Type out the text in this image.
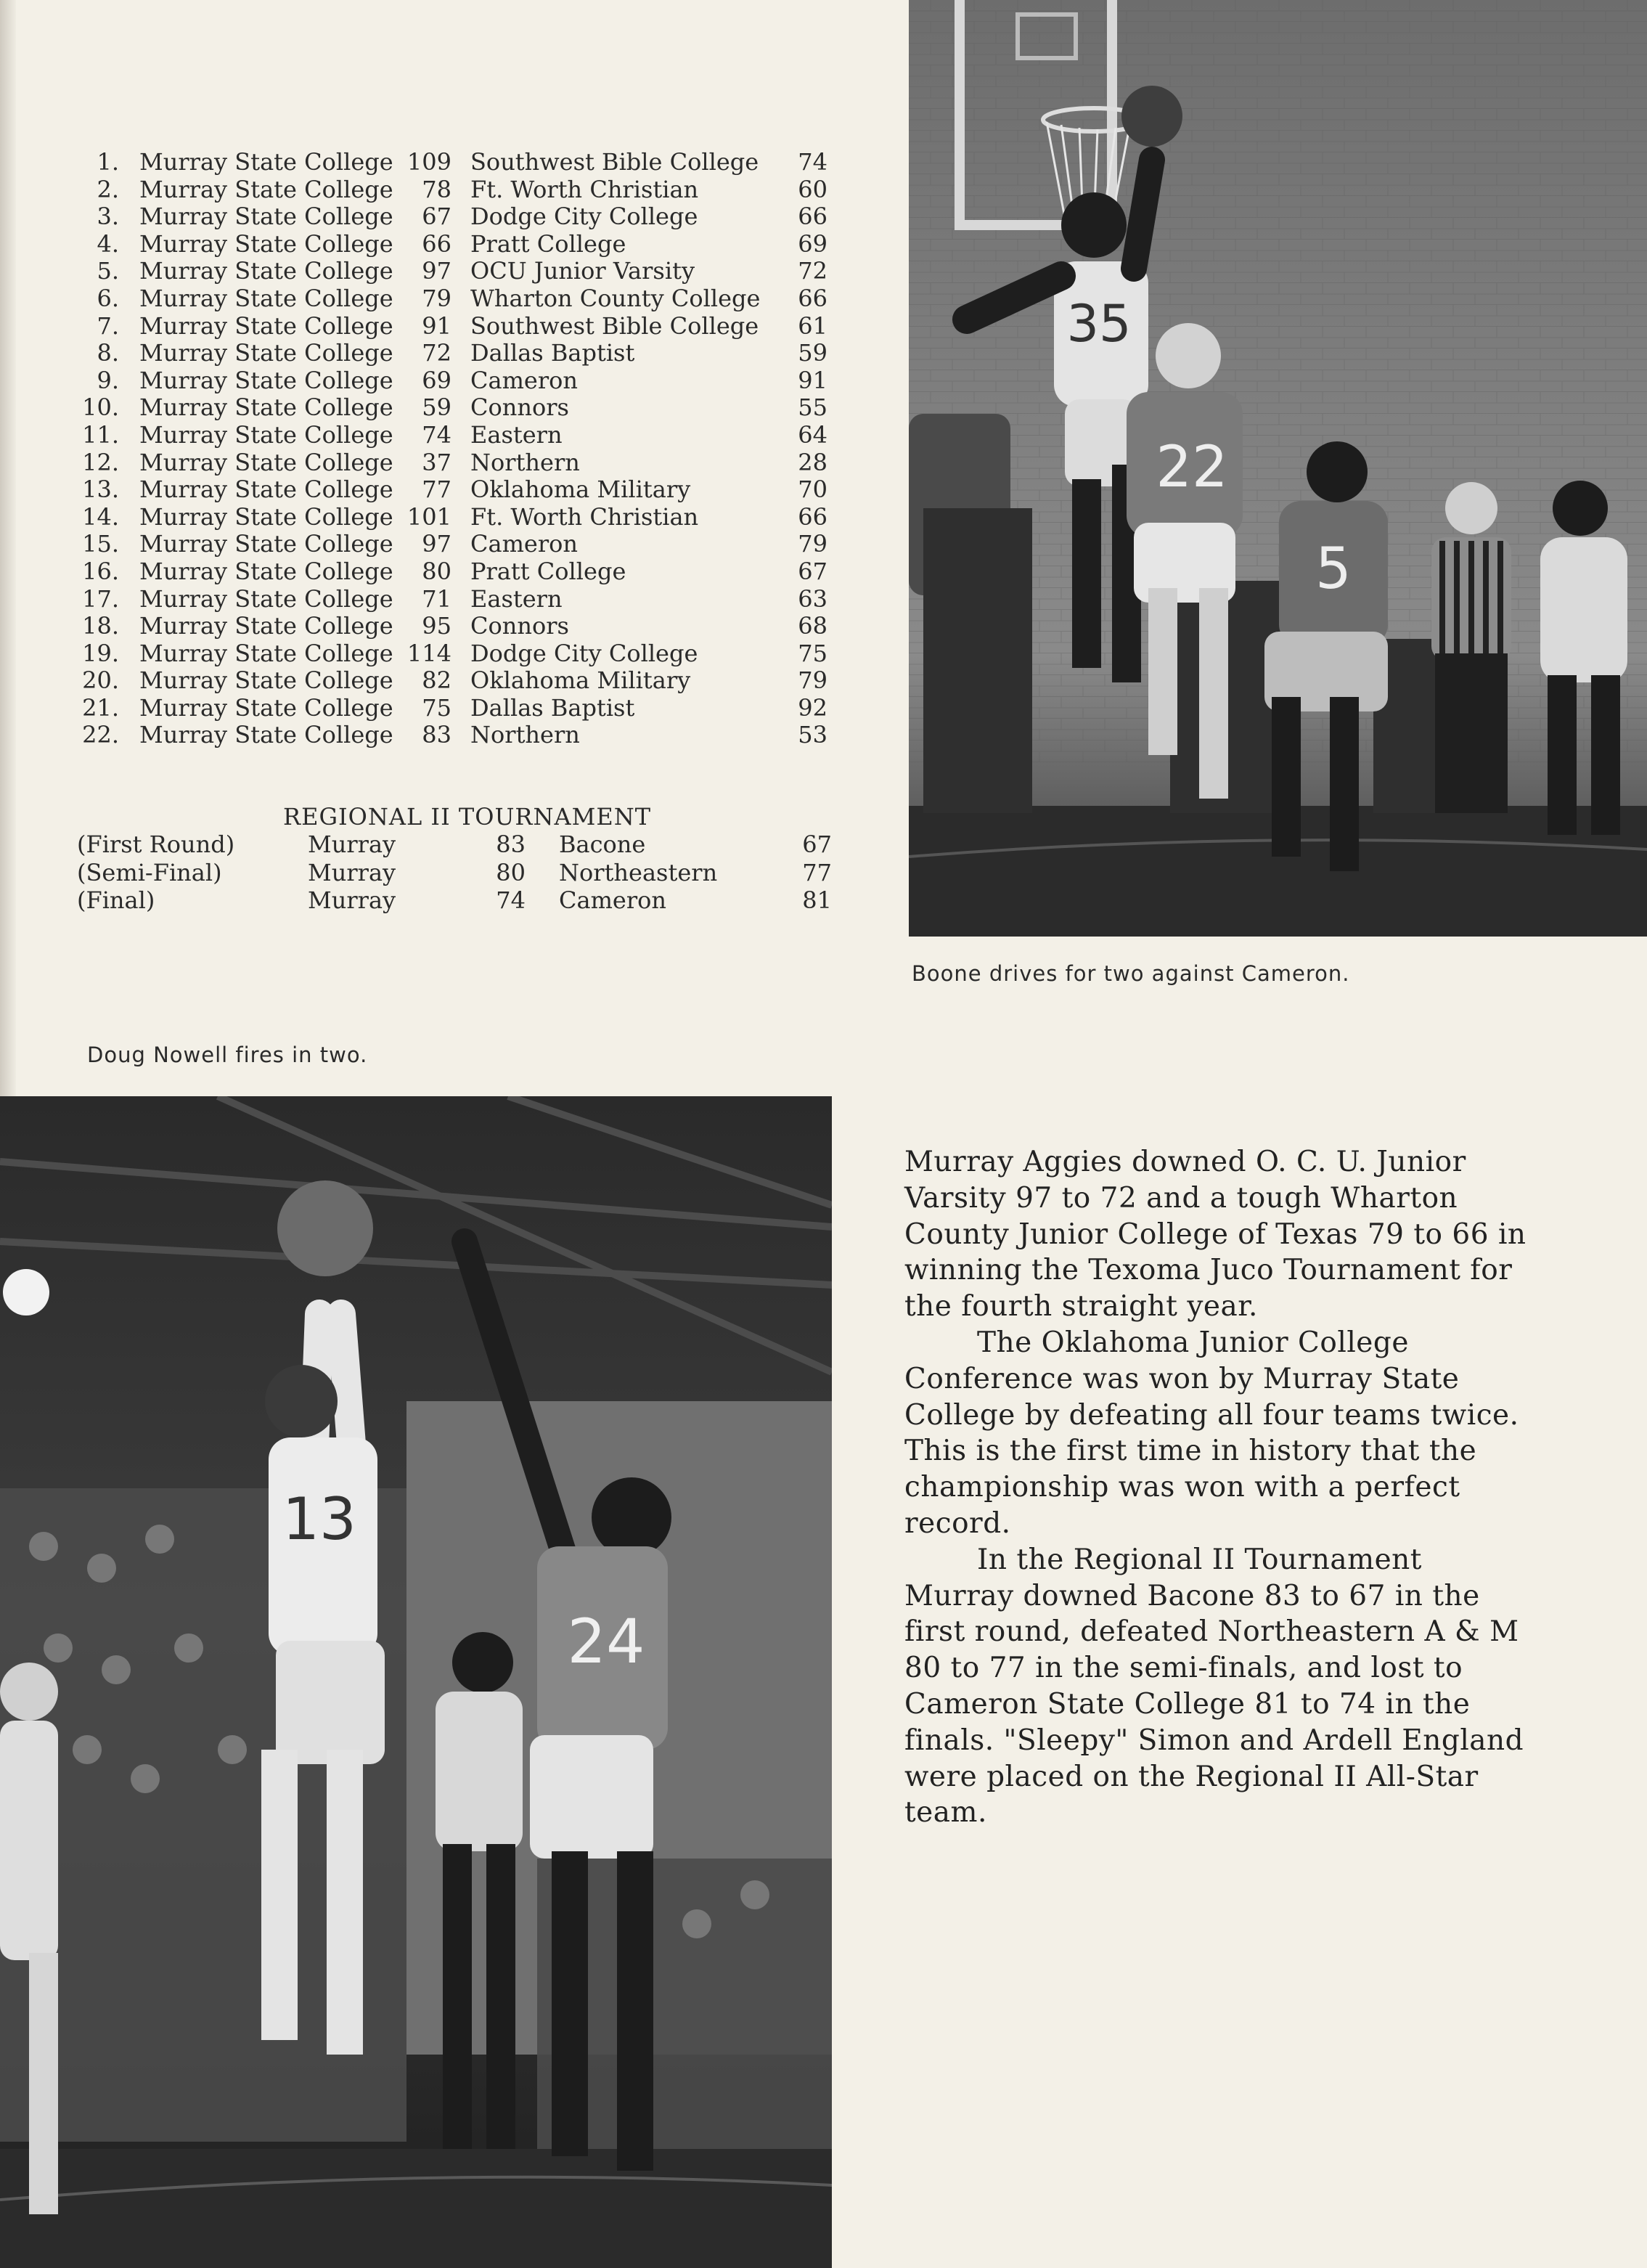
1. Murray State College 109 Southwest Bible College	74
2. Murray State College	78 Ft. Worth Christian	60
3. Murray State College	67 Dodge City College	66
4. Murray State College	66 Pratt College	69
5. Murray State College	97 OCU Junior Varsity	72
6. Murray State College	79 Wharton County College	66
7. Murray State College	91 Southwest Bible College	61
8. Murray State College	72 Dallas Baptist	59
9. Murray State College	69 Cameron	91
10. Murray State College	59 Connors	55
11. Murray State College	74 Eastern	64
12. Murray State College	37 Northern	28
13. Murray State College	77 Oklahoma Military	70
14. Murray State College 101 Ft. Worth Christian	66
15. Murray State College	97 Cameron	79
16. Murray State College	80 Pratt College	67
17. Murray State College	71 Eastern	63
18. Murray State College	95 Connors	68
19. Murray State College 114 Dodge City College	75
20. Murray State College	82 Oklahoma Military	79
21. Murray State College	75 Dallas Baptist	92
22. Murray State College	83 Northern	53
REGIONAL II TOURNAMENT
(First Round)	Murray	83 Bacone	67
(Semi-Final)	Murray	80 Northeastern	77
(Final)	Murray	74 Cameron	81
35
22
5
Boone drives for two against Cameron.
Doug Nowell fires in two.
13
24

Murray Aggies downed O. C. U. Junior Varsity 97 to 72 and a tough Wharton County Junior College of Texas 79 to 66 in winning the Texoma Juco Tournament for the fourth straight year.

The Oklahoma Junior College Conference was won by Murray State College by defeating all four teams twice. This is the first time in history that the championship was won with a perfect record.

In the Regional II Tournament Murray downed Bacone 83 to 67 in the first round, defeated Northeastern A & M 80 to 77 in the semi-finals, and lost to Cameron State College 81 to 74 in the finals. "Sleepy" Simon and Ardell England were placed on the Regional II All-Star team.
